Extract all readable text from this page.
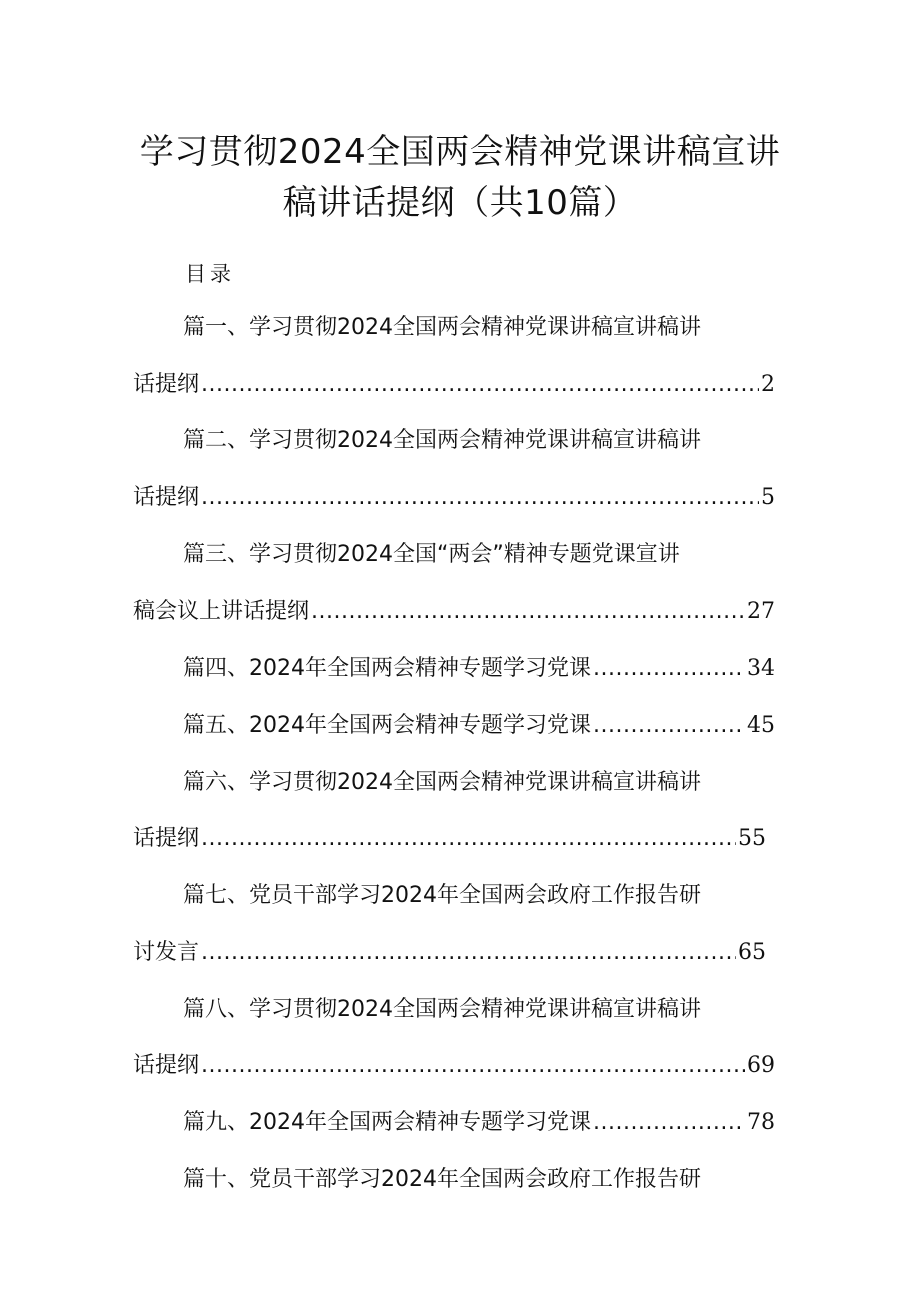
学习贯彻2024全国两会精神党课讲稿宣讲
稿讲话提纲（共10篇）
目录
篇一、学习贯彻2024全国两会精神党课讲稿宣讲稿讲
话提纲 .....	2
篇二、学习贯彻2024全国两会精神党课讲稿宣讲稿讲
话提纲 .....	5
篇三、学习贯彻2024全国“两会”精神专题党课宣讲
稿会议上讲话提纲 .....	27
篇四、2024年全国两会精神专题学习党课 .....	34
篇五、2024年全国两会精神专题学习党课 .....	45
篇六、学习贯彻2024全国两会精神党课讲稿宣讲稿讲
话提纲 .....	55
篇七、党员干部学习2024年全国两会政府工作报告研
讨发言 .....	65
篇八、学习贯彻2024全国两会精神党课讲稿宣讲稿讲
话提纲 .....	69
篇九、2024年全国两会精神专题学习党课 .....	78
篇十、党员干部学习2024年全国两会政府工作报告研
